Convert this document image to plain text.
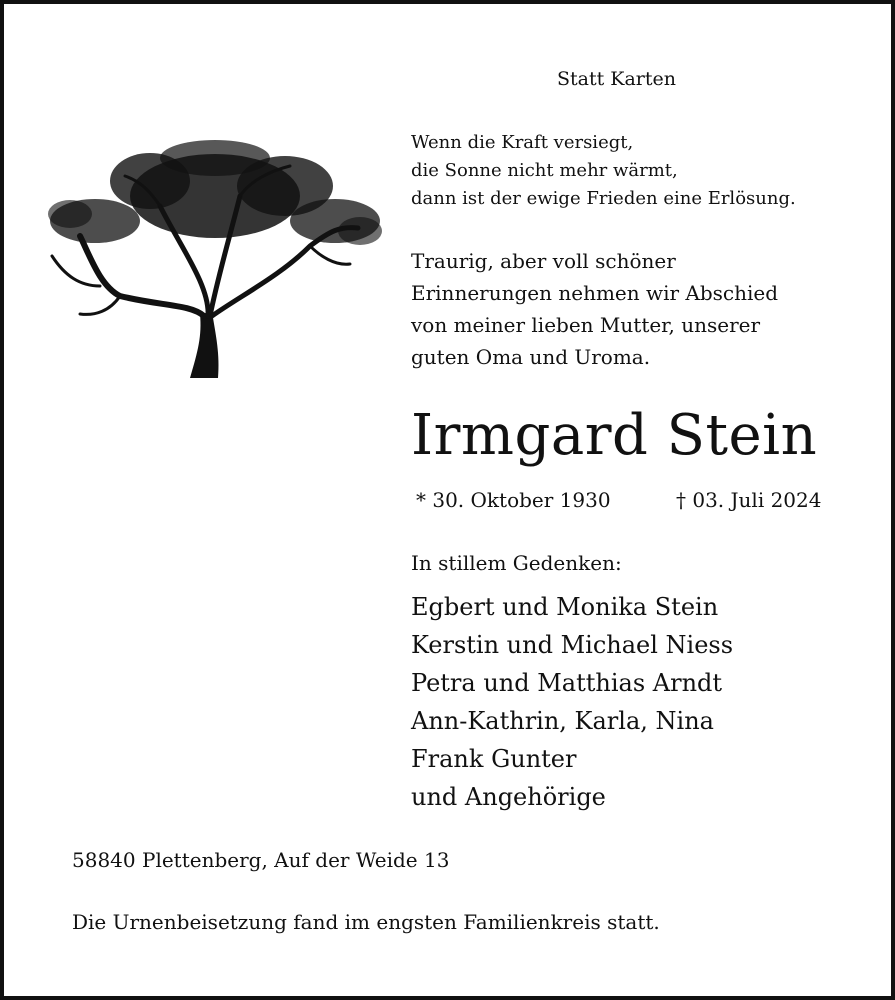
Statt Karten
Wenn die Kraft versiegt,
die Sonne nicht mehr wärmt,
dann ist der ewige Frieden eine Erlösung.
Traurig, aber voll schöner
Erinnerungen nehmen wir Abschied
von meiner lieben Mutter, unserer
guten Oma und Uroma.
Irmgard Stein
* 30. Oktober 1930	† 03. Juli 2024
In stillem Gedenken:
Egbert und Monika Stein
Kerstin und Michael Niess
Petra und Matthias Arndt
Ann-Kathrin, Karla, Nina
Frank Gunter
und Angehörige
58840 Plettenberg, Auf der Weide 13
Die Urnenbeisetzung fand im engsten Familienkreis statt.
